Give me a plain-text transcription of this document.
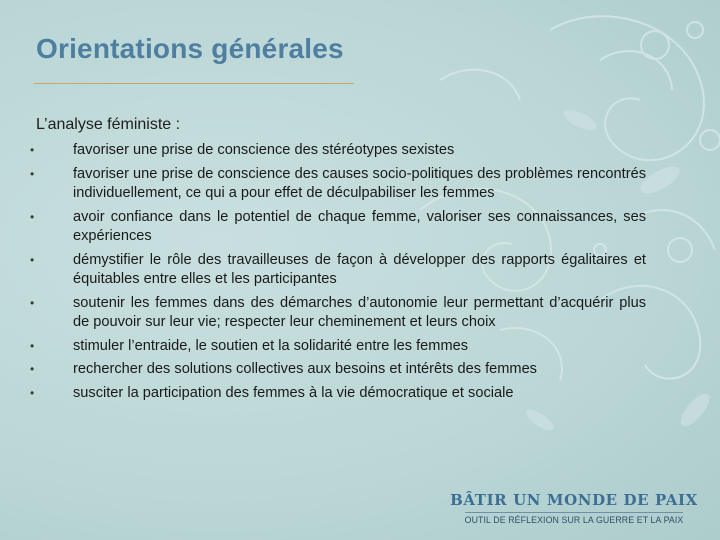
Orientations générales
L’analyse féministe :
•	favoriser une prise de conscience des stéréotypes sexistes
•	favoriser une prise de conscience des causes socio-politiques des problèmes rencontrés individuellement, ce qui a pour effet de déculpabiliser les femmes
•	avoir confiance dans le potentiel de chaque femme, valoriser ses connaissances, ses expériences
•	démystifier le rôle des travailleuses de façon à développer des rapports égalitaires et équitables entre elles et les participantes
•	soutenir les femmes dans des démarches d’autonomie leur permettant d’acquérir plus de pouvoir sur leur vie; respecter leur cheminement et leurs choix
•	stimuler l’entraide, le soutien et la solidarité entre les femmes
•	rechercher des solutions collectives aux besoins et intérêts des femmes
•	susciter la participation des femmes à la vie démocratique et sociale
BÂTIR UN MONDE DE PAIX
OUTIL DE RÉFLEXION SUR LA GUERRE ET LA PAIX
